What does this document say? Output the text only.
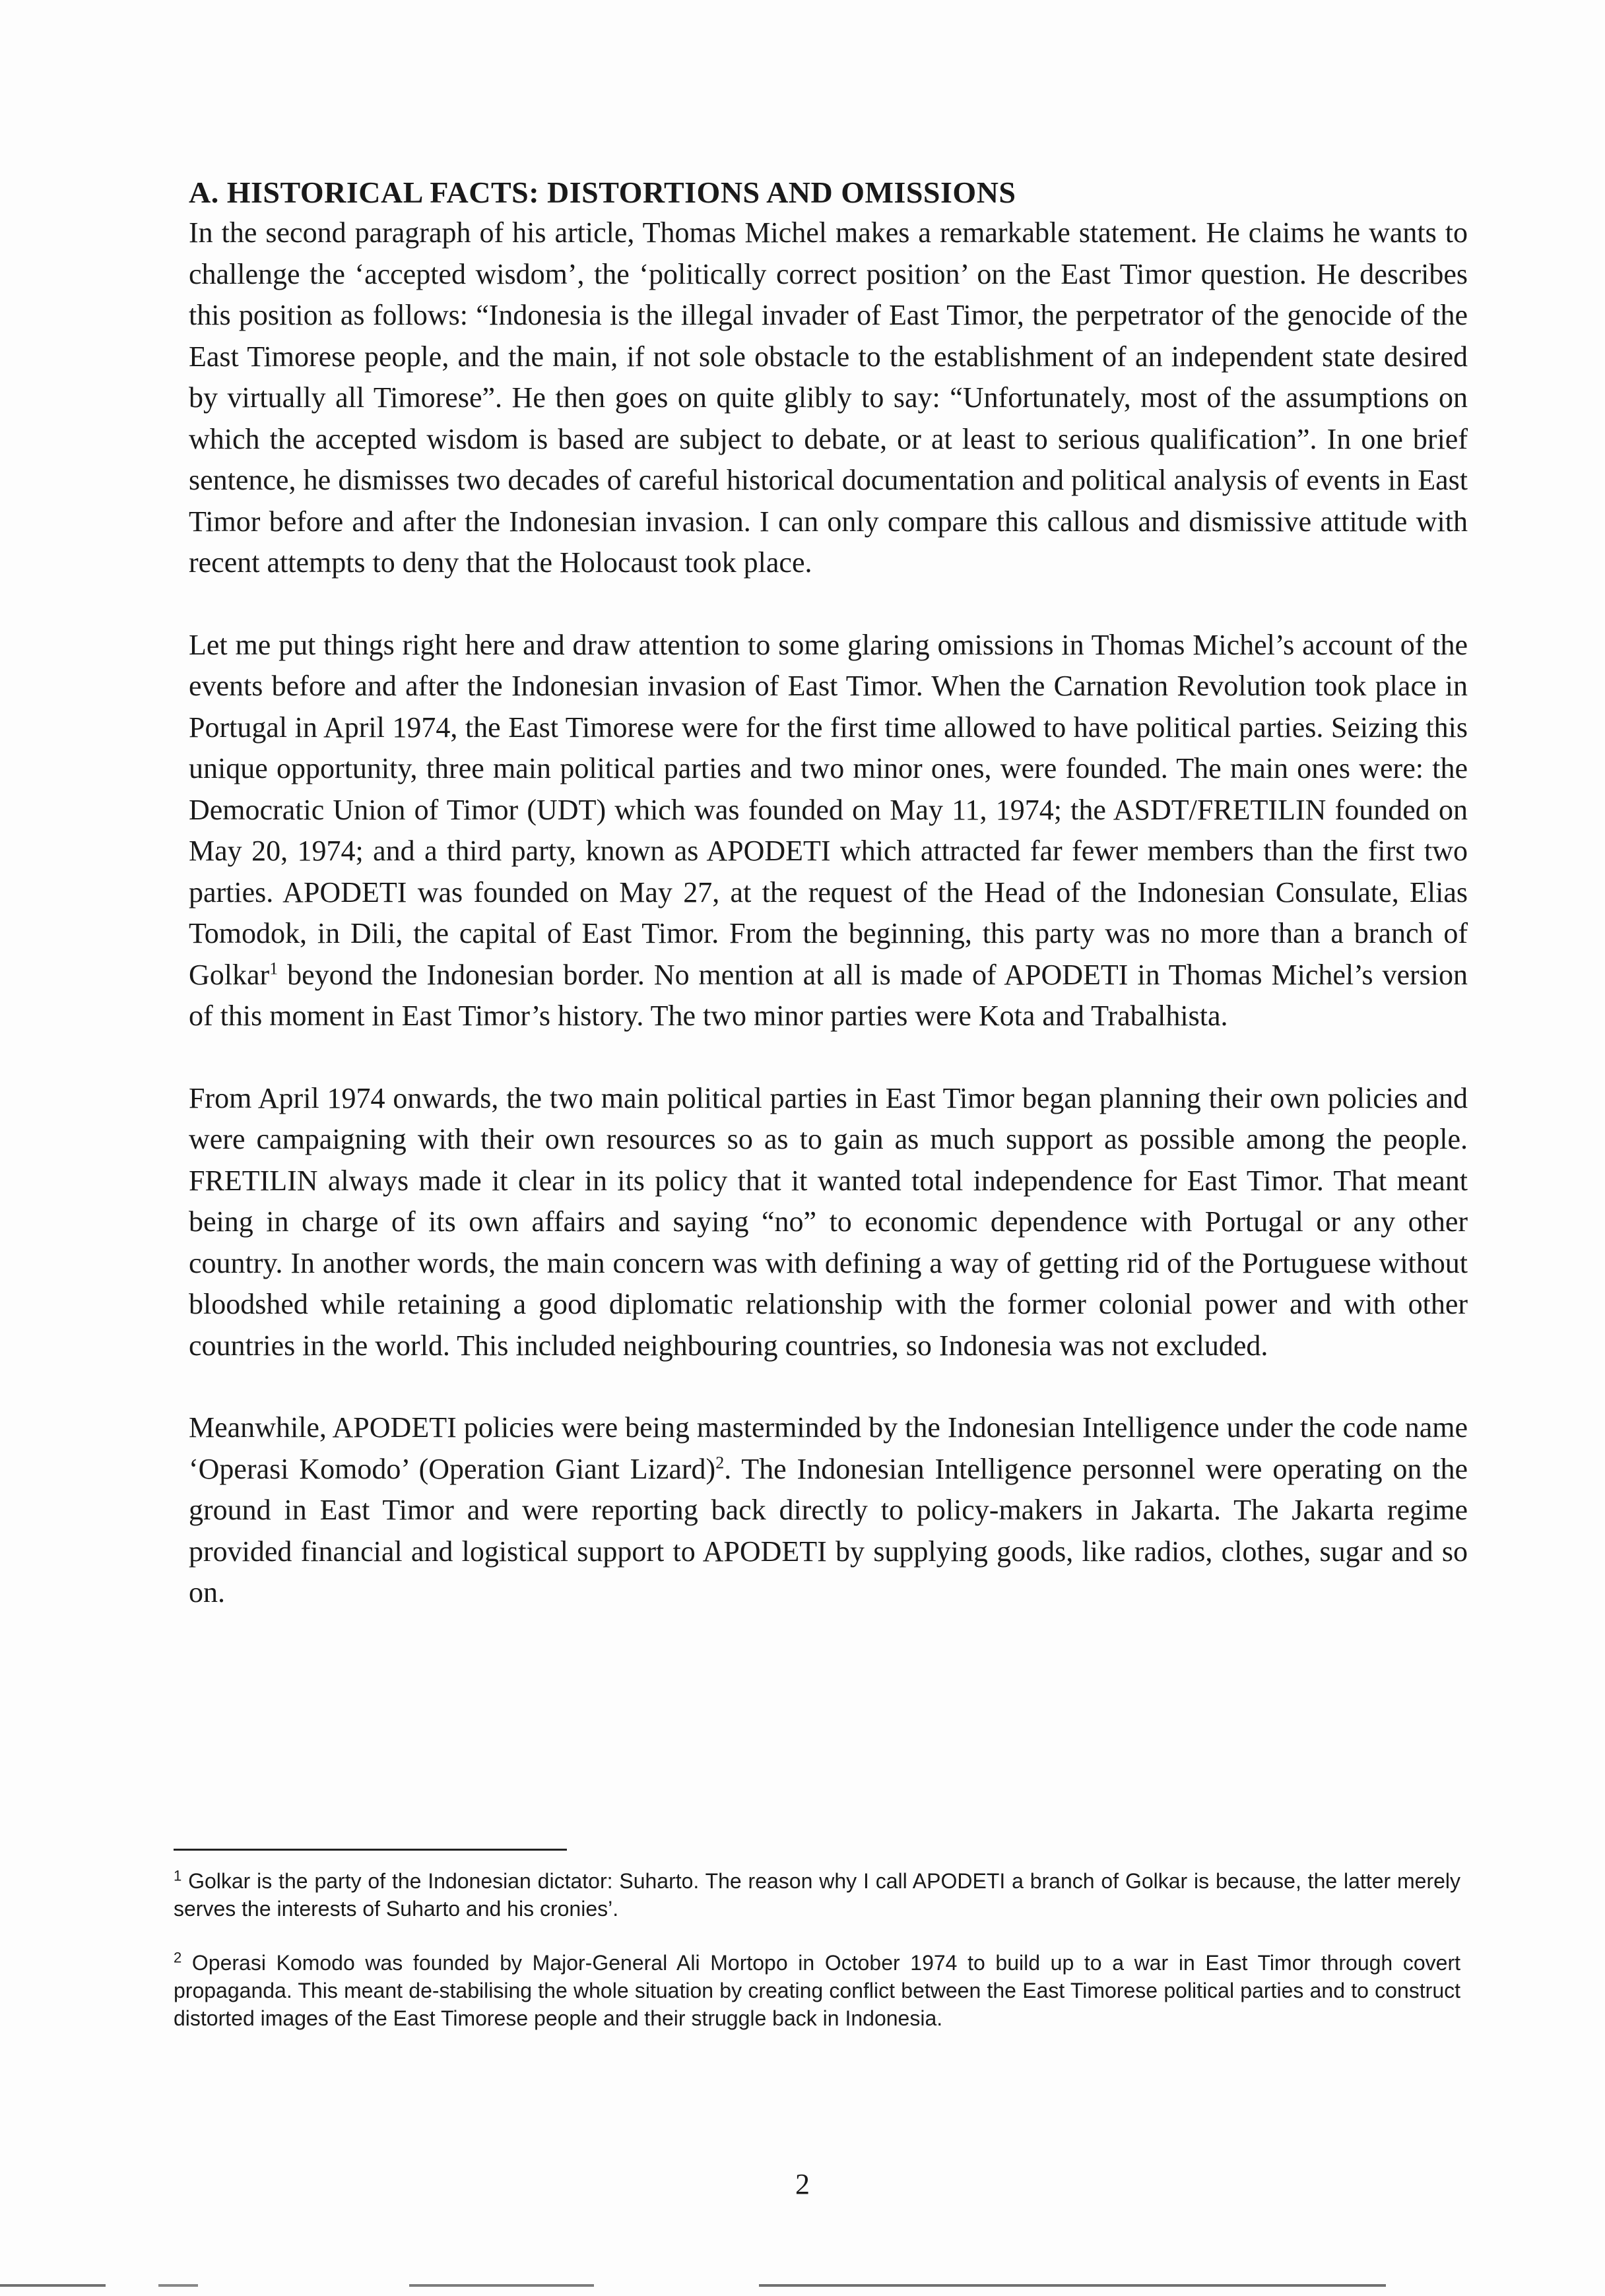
A. HISTORICAL FACTS: DISTORTIONS AND OMISSIONS

In the second paragraph of his article, Thomas Michel makes a remarkable statement. He claims he wants to challenge the ‘accepted wisdom’, the ‘politically correct position’ on the East Timor question. He describes this position as follows: “Indonesia is the illegal invader of East Timor, the perpetrator of the genocide of the East Timorese people, and the main, if not sole obstacle to the establishment of an independent state desired by virtually all Timorese”. He then goes on quite glibly to say: “Unfortunately, most of the assumptions on which the accepted wisdom is based are subject to debate, or at least to serious qualification”. In one brief sentence, he dismisses two decades of careful historical documentation and political analysis of events in East Timor before and after the Indonesian invasion. I can only compare this callous and dismissive attitude with recent attempts to deny that the Holocaust took place.

Let me put things right here and draw attention to some glaring omissions in Thomas Michel’s account of the events before and after the Indonesian invasion of East Timor. When the Carnation Revolution took place in Portugal in April 1974, the East Timorese were for the first time allowed to have political parties. Seizing this unique opportunity, three main political parties and two minor ones, were founded. The main ones were: the Democratic Union of Timor (UDT) which was founded on May 11, 1974; the ASDT/FRETILIN founded on May 20, 1974; and a third party, known as APODETI which attracted far fewer members than the first two parties. APODETI was founded on May 27, at the request of the Head of the Indonesian Consulate, Elias Tomodok, in Dili, the capital of East Timor. From the beginning, this party was no more than a branch of Golkar$^1$ beyond the Indonesian border. No mention at all is made of APODETI in Thomas Michel’s version of this moment in East Timor’s history. The two minor parties were Kota and Trabalhista.

From April 1974 onwards, the two main political parties in East Timor began planning their own policies and were campaigning with their own resources so as to gain as much support as possible among the people. FRETILIN always made it clear in its policy that it wanted total independence for East Timor. That meant being in charge of its own affairs and saying “no” to economic dependence with Portugal or any other country. In another words, the main concern was with defining a way of getting rid of the Portuguese without bloodshed while retaining a good diplomatic relationship with the former colonial power and with other countries in the world. This included neighbouring countries, so Indonesia was not excluded.

Meanwhile, APODETI policies were being masterminded by the Indonesian Intelligence under the code name ‘Operasi Komodo’ (Operation Giant Lizard)$^2$. The Indonesian Intelligence personnel were operating on the ground in East Timor and were reporting back directly to policy-makers in Jakarta. The Jakarta regime provided financial and logistical support to APODETI by supplying goods, like radios, clothes, sugar and so on.

$^1$ Golkar is the party of the Indonesian dictator: Suharto. The reason why I call APODETI a branch of Golkar is because, the latter merely serves the interests of Suharto and his cronies’.

$^2$ Operasi Komodo was founded by Major-General Ali Mortopo in October 1974 to build up to a war in East Timor through covert propaganda. This meant de-stabilising the whole situation by creating conflict between the East Timorese political parties and to construct distorted images of the East Timorese people and their struggle back in Indonesia.

2
